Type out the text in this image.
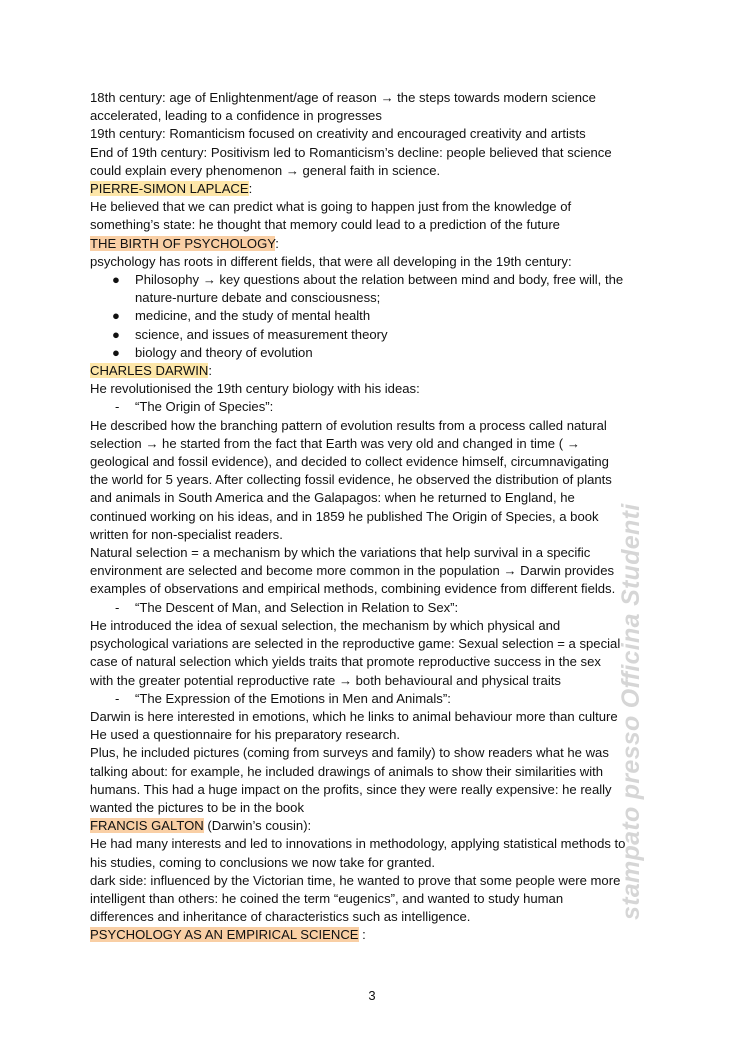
18th century: age of Enlightenment/age of reason → the steps towards modern science
accelerated, leading to a confidence in progresses
19th century: Romanticism focused on creativity and encouraged creativity and artists
End of 19th century: Positivism led to Romanticism’s decline: people believed that science
could explain every phenomenon → general faith in science.
PIERRE-SIMON LAPLACE:
He believed that we can predict what is going to happen just from the knowledge of
something’s state: he thought that memory could lead to a prediction of the future
THE BIRTH OF PSYCHOLOGY:
psychology has roots in different fields, that were all developing in the 19th century:
● Philosophy → key questions about the relation between mind and body, free will, the
nature-nurture debate and consciousness;
● medicine, and the study of mental health
● science, and issues of measurement theory
● biology and theory of evolution
CHARLES DARWIN:
He revolutionised the 19th century biology with his ideas:
- “The Origin of Species”:
He described how the branching pattern of evolution results from a process called natural
selection → he started from the fact that Earth was very old and changed in time ( →
geological and fossil evidence), and decided to collect evidence himself, circumnavigating
the world for 5 years. After collecting fossil evidence, he observed the distribution of plants
and animals in South America and the Galapagos: when he returned to England, he
continued working on his ideas, and in 1859 he published The Origin of Species, a book
written for non-specialist readers.
Natural selection = a mechanism by which the variations that help survival in a specific
environment are selected and become more common in the population → Darwin provides
examples of observations and empirical methods, combining evidence from different fields.
- “The Descent of Man, and Selection in Relation to Sex”:
He introduced the idea of sexual selection, the mechanism by which physical and
psychological variations are selected in the reproductive game: Sexual selection = a special
case of natural selection which yields traits that promote reproductive success in the sex
with the greater potential reproductive rate → both behavioural and physical traits
- “The Expression of the Emotions in Men and Animals”:
Darwin is here interested in emotions, which he links to animal behaviour more than culture
He used a questionnaire for his preparatory research.
Plus, he included pictures (coming from surveys and family) to show readers what he was
talking about: for example, he included drawings of animals to show their similarities with
humans. This had a huge impact on the profits, since they were really expensive: he really
wanted the pictures to be in the book
FRANCIS GALTON (Darwin’s cousin):
He had many interests and led to innovations in methodology, applying statistical methods to
his studies, coming to conclusions we now take for granted.
dark side: influenced by the Victorian time, he wanted to prove that some people were more
intelligent than others: he coined the term “eugenics”, and wanted to study human
differences and inheritance of characteristics such as intelligence.
PSYCHOLOGY AS AN EMPIRICAL SCIENCE :
3
stampato presso Officina Studenti
